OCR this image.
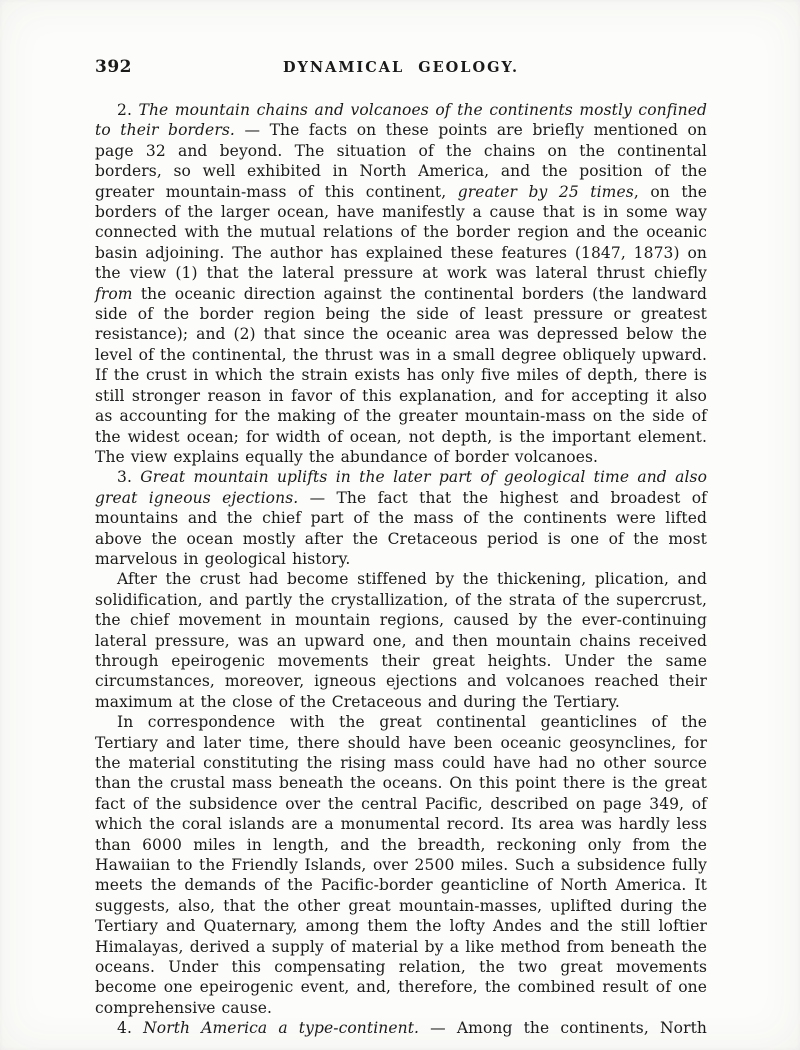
392	DYNAMICAL GEOLOGY.

2. The mountain chains and volcanoes of the continents mostly confined to their borders. — The facts on these points are briefly mentioned on page 32 and beyond. The situation of the chains on the continental borders, so well exhibited in North America, and the position of the greater mountain-mass of this continent, greater by 25 times, on the borders of the larger ocean, have manifestly a cause that is in some way connected with the mutual relations of the border region and the oceanic basin adjoining. The author has explained these features (1847, 1873) on the view (1) that the lateral pressure at work was lateral thrust chiefly from the oceanic direction against the continental borders (the landward side of the border region being the side of least pressure or greatest resistance); and (2) that since the oceanic area was depressed below the level of the continental, the thrust was in a small degree obliquely upward. If the crust in which the strain exists has only five miles of depth, there is still stronger reason in favor of this explanation, and for accepting it also as accounting for the making of the greater mountain-mass on the side of the widest ocean; for width of ocean, not depth, is the important element. The view explains equally the abundance of border volcanoes.

3. Great mountain uplifts in the later part of geological time and also great igneous ejections. — The fact that the highest and broadest of mountains and the chief part of the mass of the continents were lifted above the ocean mostly after the Cretaceous period is one of the most marvelous in geological history.

After the crust had become stiffened by the thickening, plication, and solidification, and partly the crystallization, of the strata of the supercrust, the chief movement in mountain regions, caused by the ever-continuing lateral pressure, was an upward one, and then mountain chains received through epeirogenic movements their great heights. Under the same circumstances, moreover, igneous ejections and volcanoes reached their maximum at the close of the Cretaceous and during the Tertiary.

In correspondence with the great continental geanticlines of the Tertiary and later time, there should have been oceanic geosynclines, for the material constituting the rising mass could have had no other source than the crustal mass beneath the oceans. On this point there is the great fact of the subsidence over the central Pacific, described on page 349, of which the coral islands are a monumental record. Its area was hardly less than 6000 miles in length, and the breadth, reckoning only from the Hawaiian to the Friendly Islands, over 2500 miles. Such a subsidence fully meets the demands of the Pacific-border geanticline of North America. It suggests, also, that the other great mountain-masses, uplifted during the Tertiary and Quaternary, among them the lofty Andes and the still loftier Himalayas, derived a supply of material by a like method from beneath the oceans. Under this compensating relation, the two great movements become one epeirogenic event, and, therefore, the combined result of one comprehensive cause.

4. North America a type-continent. — Among the continents, North
